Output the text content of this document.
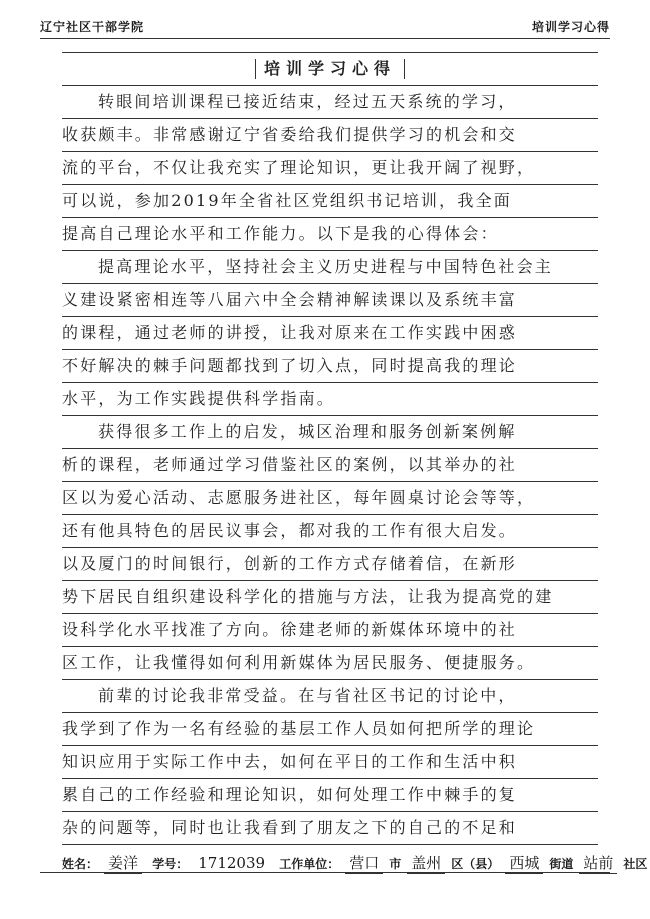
辽宁社区干部学院	培训学习心得
培训学习心得
转眼间培训课程已接近结束，经过五天系统的学习，
收获颇丰。非常感谢辽宁省委给我们提供学习的机会和交
流的平台，不仅让我充实了理论知识，更让我开阔了视野，
可以说，参加2019年全省社区党组织书记培训，我全面
提高自己理论水平和工作能力。以下是我的心得体会：
提高理论水平，坚持社会主义历史进程与中国特色社会主
义建设紧密相连等八届六中全会精神解读课以及系统丰富
的课程，通过老师的讲授，让我对原来在工作实践中困惑
不好解决的棘手问题都找到了切入点，同时提高我的理论
水平，为工作实践提供科学指南。
获得很多工作上的启发，城区治理和服务创新案例解
析的课程，老师通过学习借鉴社区的案例，以其举办的社
区以为爱心活动、志愿服务进社区，每年圆桌讨论会等等，
还有他具特色的居民议事会，都对我的工作有很大启发。
以及厦门的时间银行，创新的工作方式存储着信，在新形
势下居民自组织建设科学化的措施与方法，让我为提高党的建
设科学化水平找准了方向。徐建老师的新媒体环境中的社
区工作，让我懂得如何利用新媒体为居民服务、便捷服务。
前辈的讨论我非常受益。在与省社区书记的讨论中，
我学到了作为一名有经验的基层工作人员如何把所学的理论
知识应用于实际工作中去，如何在平日的工作和生活中积
累自己的工作经验和理论知识，如何处理工作中棘手的复
杂的问题等，同时也让我看到了朋友之下的自己的不足和
姓名： 姜洋 学号： 1712039 工作单位： 营口 市 盖州 区（县） 西城 街道 站前 社区
